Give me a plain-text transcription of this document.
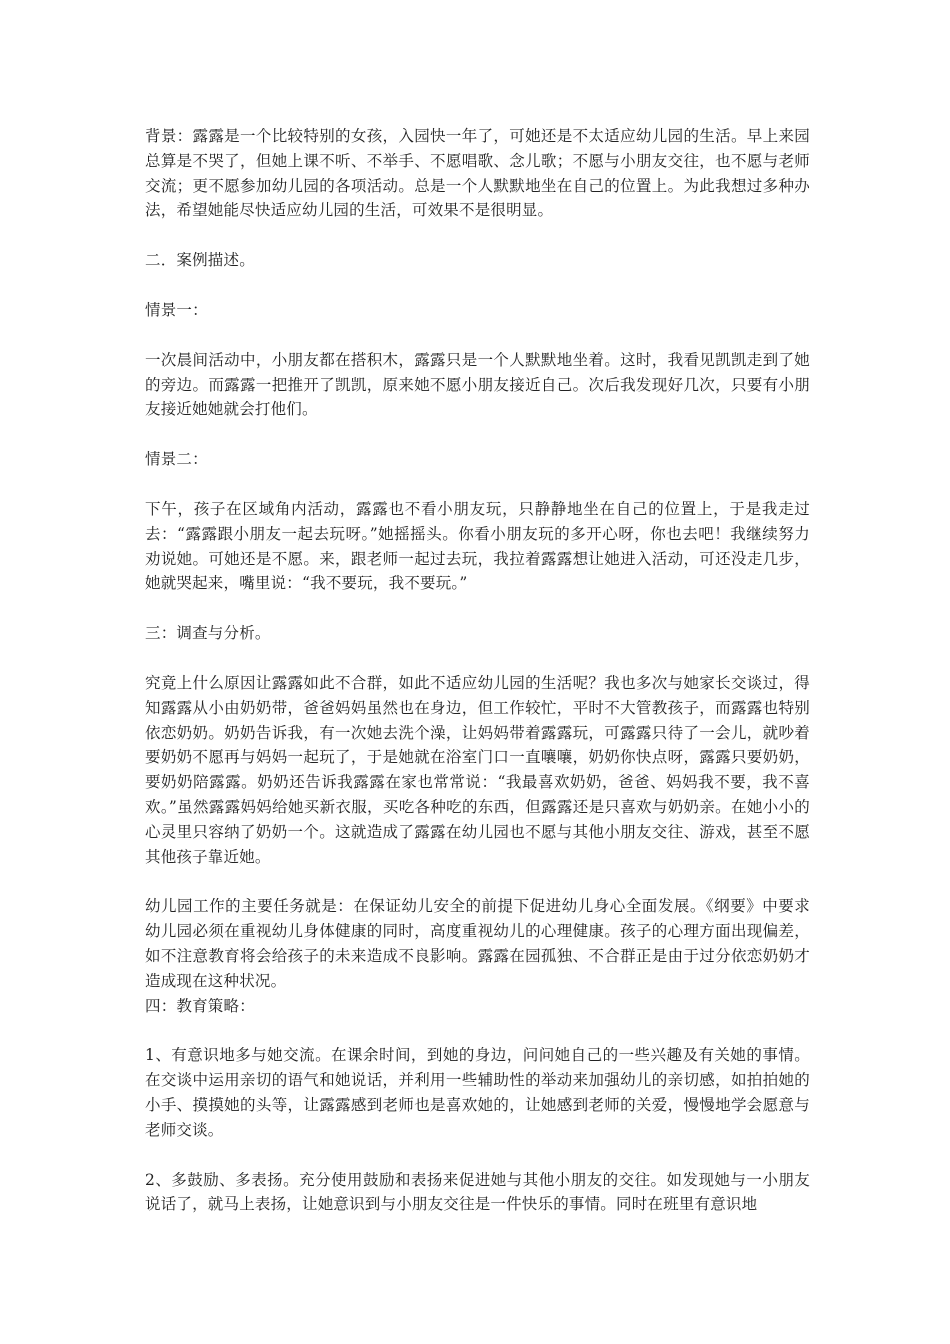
背景：露露是一个比较特别的女孩，入园快一年了，可她还是不太适应幼儿园的生活。早上来园总算是不哭了，但她上课不听、不举手、不愿唱歌、念儿歌；不愿与小朋友交往，也不愿与老师交流；更不愿参加幼儿园的各项活动。总是一个人默默地坐在自己的位置上。为此我想过多种办法，希望她能尽快适应幼儿园的生活，可效果不是很明显。

二．案例描述。

情景一：

一次晨间活动中，小朋友都在搭积木，露露只是一个人默默地坐着。这时，我看见凯凯走到了她的旁边。而露露一把推开了凯凯，原来她不愿小朋友接近自己。次后我发现好几次，只要有小朋友接近她她就会打他们。

情景二：

下午，孩子在区域角内活动，露露也不看小朋友玩，只静静地坐在自己的位置上，于是我走过去：“露露跟小朋友一起去玩呀。”她摇摇头。你看小朋友玩的多开心呀，你也去吧！我继续努力劝说她。可她还是不愿。来，跟老师一起过去玩，我拉着露露想让她进入活动，可还没走几步，她就哭起来，嘴里说：“我不要玩，我不要玩。”

三：调查与分析。

究竟上什么原因让露露如此不合群，如此不适应幼儿园的生活呢？我也多次与她家长交谈过，得知露露从小由奶奶带，爸爸妈妈虽然也在身边，但工作较忙，平时不大管教孩子，而露露也特别依恋奶奶。奶奶告诉我，有一次她去洗个澡，让妈妈带着露露玩，可露露只待了一会儿，就吵着要奶奶不愿再与妈妈一起玩了，于是她就在浴室门口一直嚷嚷，奶奶你快点呀，露露只要奶奶，要奶奶陪露露。奶奶还告诉我露露在家也常常说：“我最喜欢奶奶，爸爸、妈妈我不要，我不喜欢。”虽然露露妈妈给她买新衣服，买吃各种吃的东西，但露露还是只喜欢与奶奶亲。在她小小的心灵里只容纳了奶奶一个。这就造成了露露在幼儿园也不愿与其他小朋友交往、游戏，甚至不愿其他孩子靠近她。

幼儿园工作的主要任务就是：在保证幼儿安全的前提下促进幼儿身心全面发展。《纲要》中要求幼儿园必须在重视幼儿身体健康的同时，高度重视幼儿的心理健康。孩子的心理方面出现偏差，如不注意教育将会给孩子的未来造成不良影响。露露在园孤独、不合群正是由于过分依恋奶奶才造成现在这种状况。

四：教育策略：

1、有意识地多与她交流。在课余时间，到她的身边，问问她自己的一些兴趣及有关她的事情。在交谈中运用亲切的语气和她说话，并利用一些辅助性的举动来加强幼儿的亲切感，如拍拍她的小手、摸摸她的头等，让露露感到老师也是喜欢她的，让她感到老师的关爱，慢慢地学会愿意与老师交谈。

2、多鼓励、多表扬。充分使用鼓励和表扬来促进她与其他小朋友的交往。如发现她与一小朋友说话了，就马上表扬，让她意识到与小朋友交往是一件快乐的事情。同时在班里有意识地
